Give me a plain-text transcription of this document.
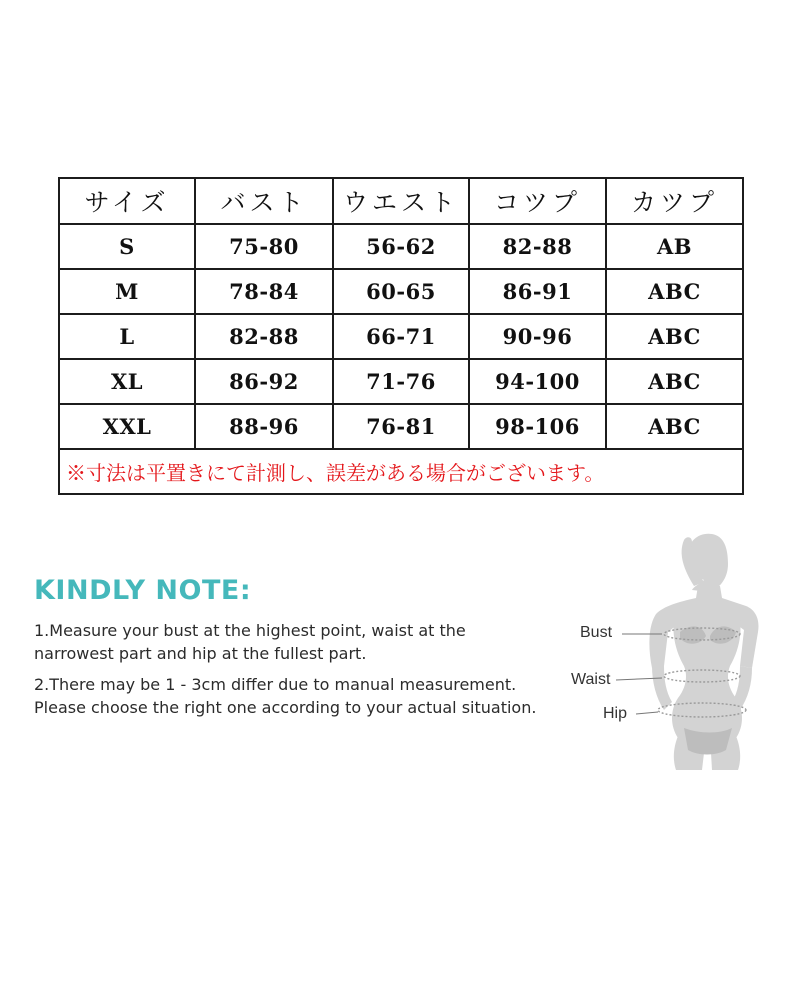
サイズ	バスト	ウエスト	コツプ	カツプ
S	75-80	56-62	82-88	AB
M	78-84	60-65	86-91	ABC
L	82-88	66-71	90-96	ABC
XL	86-92	71-76	94-100	ABC
XXL	88-96	76-81	98-106	ABC
※寸法は平置きにて計測し、誤差がある場合がございます。				
KINDLY NOTE:

1.Measure your bust at the highest point, waist at the
narrowest part and hip at the fullest part.

2.There may be 1 - 3cm differ due to manual measurement.
Please choose the right one according to your actual situation.

Bust
Waist
Hip
